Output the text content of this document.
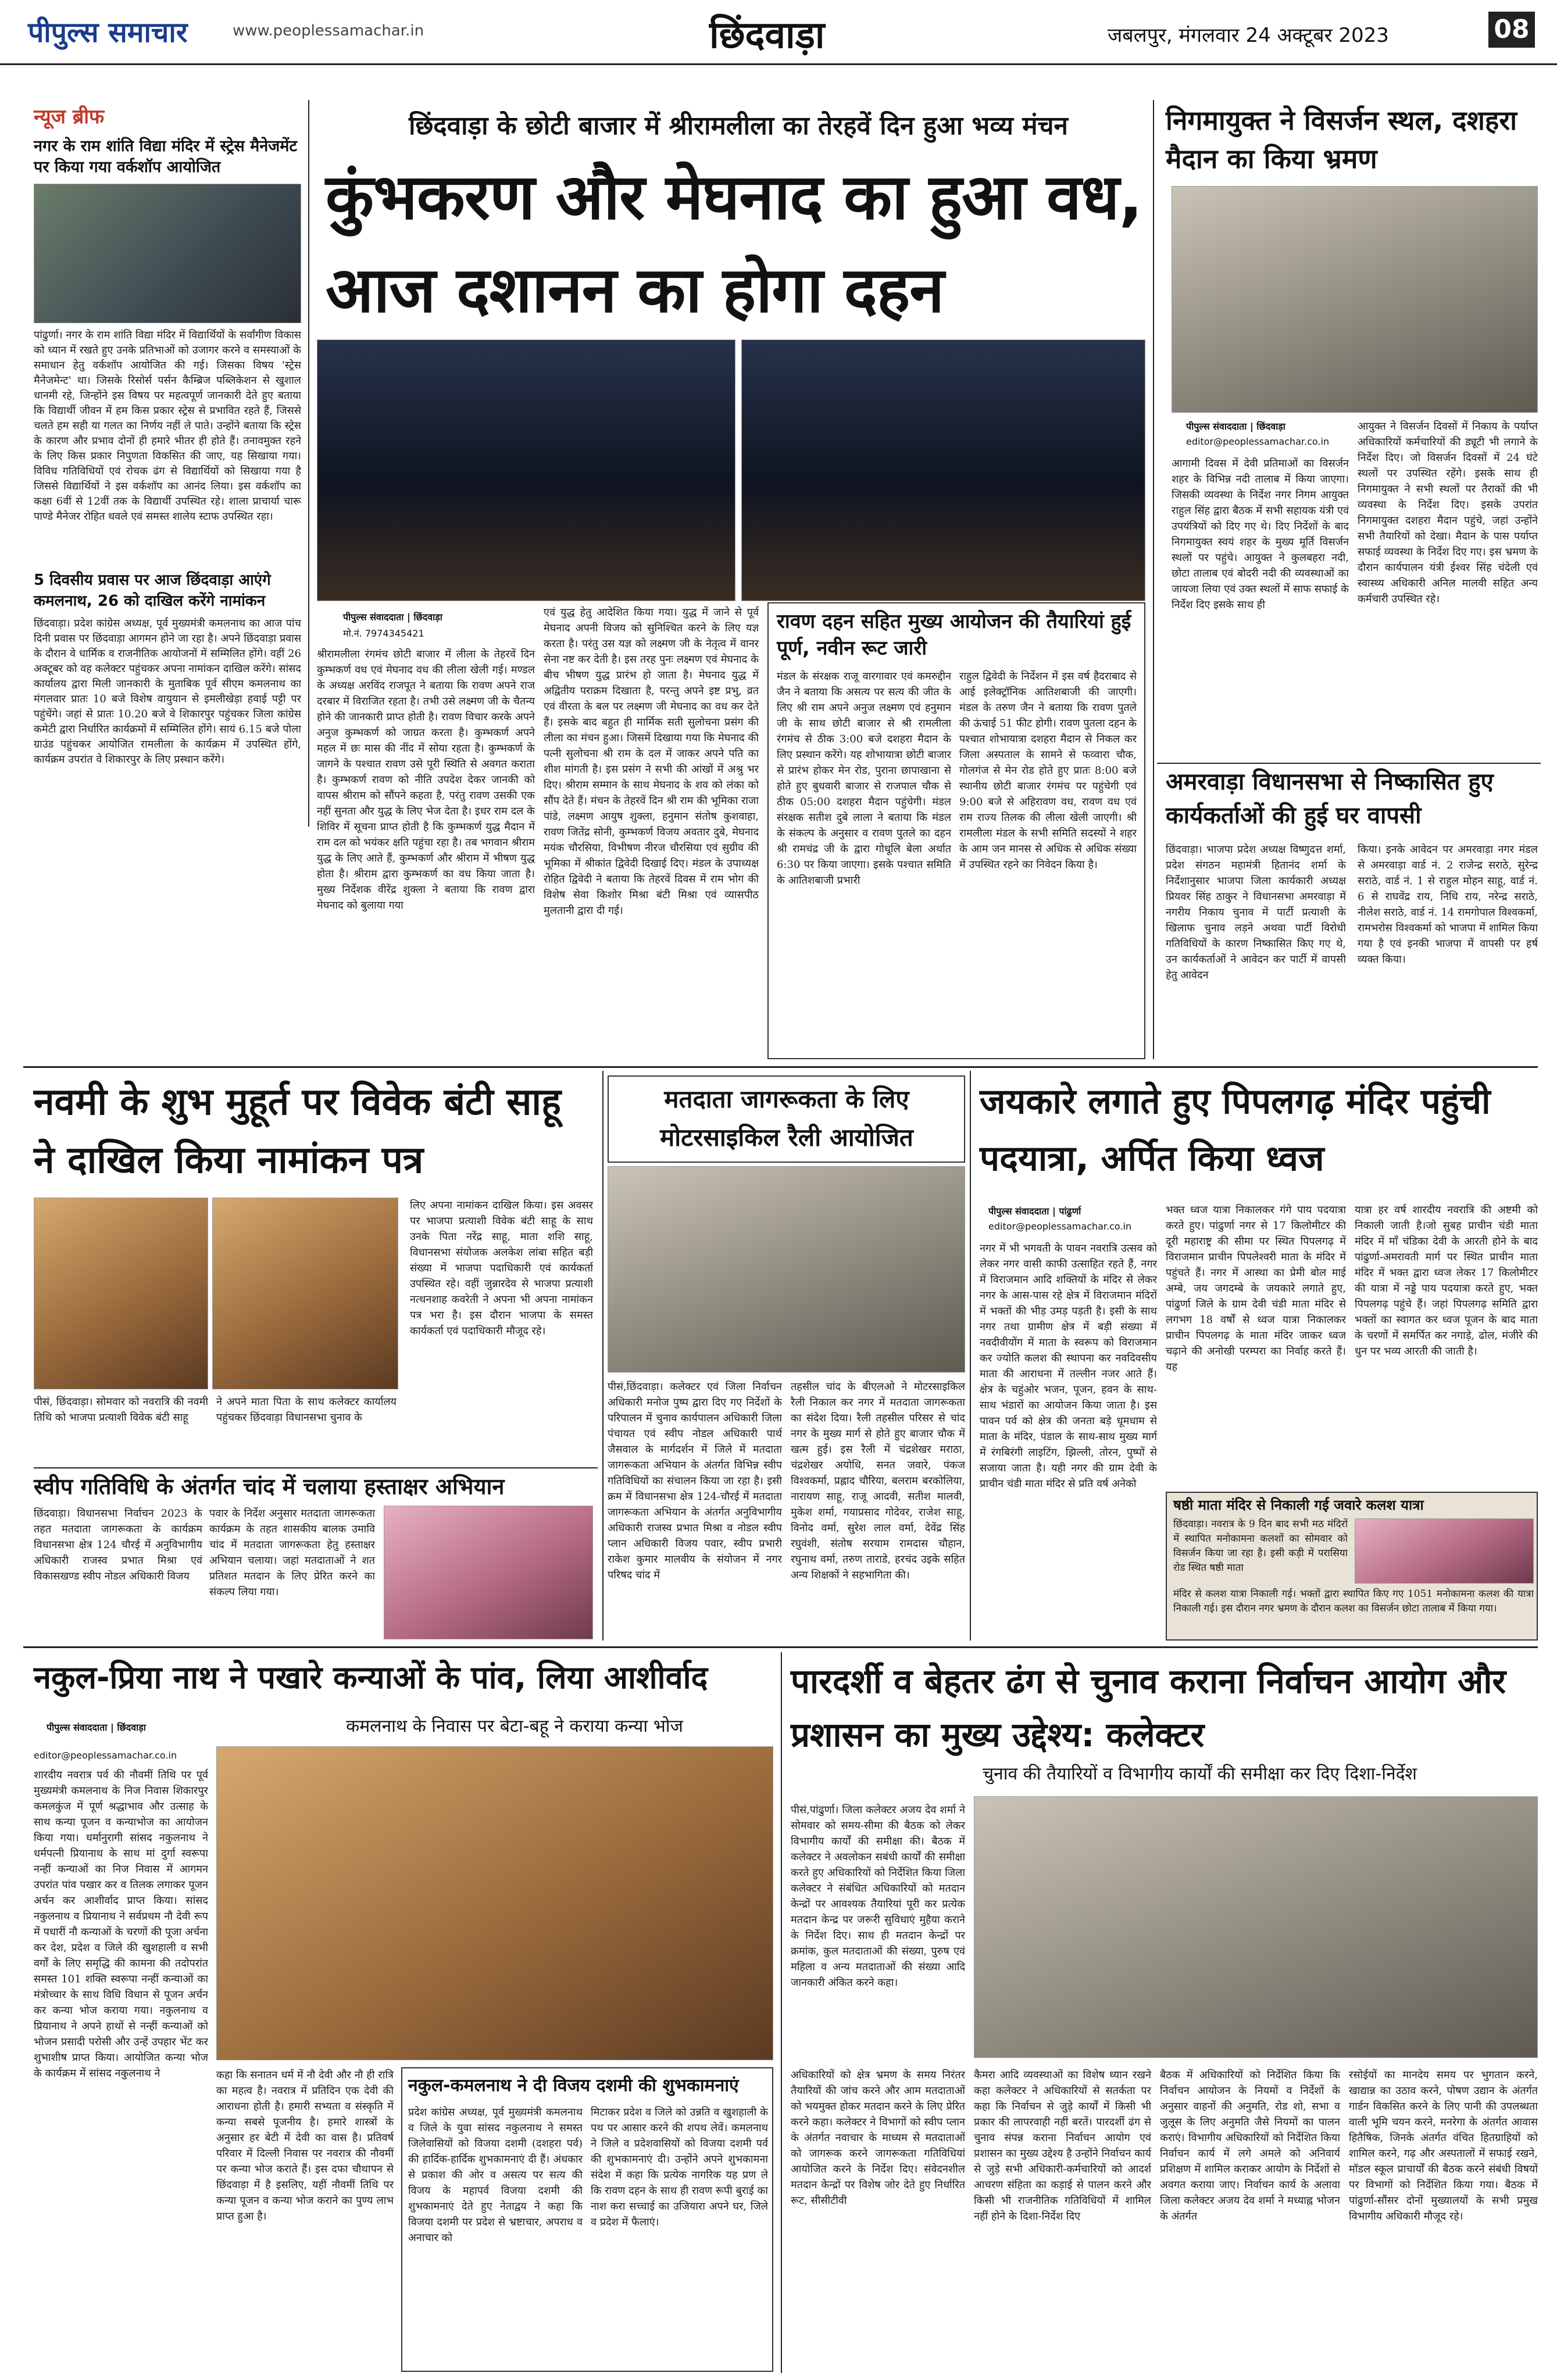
पीपुल्स समाचार	www.peoplessamachar.in	छिंदवाड़ा	जबलपुर, मंगलवार 24 अक्टूबर 2023	08
न्यूज ब्रीफ
नगर के राम शांति विद्या मंदिर में स्ट्रेस मैनेजमेंट पर किया गया वर्कशॉप आयोजित
पांढुर्णा। नगर के राम शांति विद्या मंदिर में विद्यार्थियों के सर्वांगीण विकास को ध्यान में रखते हुए उनके प्रतिभाओं को उजागर करने व समस्याओं के समाधान हेतु वर्कशॉप आयोजित की गई। जिसका विषय 'स्ट्रेस मैनेजमेन्ट' था। जिसके रिसोर्स पर्सन कैम्ब्रिज पब्लिकेशन से खुशाल धानमी रहे, जिन्होंने इस विषय पर महत्वपूर्ण जानकारी देते हुए बताया कि विद्यार्थी जीवन में हम किस प्रकार स्ट्रेस से प्रभावित रहते हैं, जिससे चलते हम सही या गलत का निर्णय नहीं ले पाते। उन्होंने बताया कि स्ट्रेस के कारण और प्रभाव दोनों ही हमारे भीतर ही होते हैं। तनावमुक्त रहने के लिए किस प्रकार निपुणता विकसित की जाए, यह सिखाया गया। विविध गतिविधियों एवं रोचक ढंग से विद्यार्थियों को सिखाया गया है जिससे विद्यार्थियों ने इस वर्कशॉप का आनंद लिया। इस वर्कशॉप का कक्षा 6वीं से 12वीं तक के विद्यार्थी उपस्थित रहे। शाला प्राचार्या चारू पाण्डे मैनेजर रोहित धवले एवं समस्त शालेय स्टाफ उपस्थित रहा।
5 दिवसीय प्रवास पर आज छिंदवाड़ा आएंगे कमलनाथ, 26 को दाखिल करेंगे नामांकन
छिंदवाड़ा। प्रदेश कांग्रेस अध्यक्ष, पूर्व मुख्यमंत्री कमलनाथ का आज पांच दिनी प्रवास पर छिंदवाड़ा आगमन होने जा रहा है। अपने छिंदवाड़ा प्रवास के दौरान वे धार्मिक व राजनीतिक आयोजनों में सम्मिलित होंगे। वहीं 26 अक्टूबर को वह कलेक्टर पहुंचकर अपना नामांकन दाखिल करेंगे। सांसद कार्यालय द्वारा मिली जानकारी के मुताबिक पूर्व सीएम कमलनाथ का मंगलवार प्रातः 10 बजे विशेष वायुयान से इमलीखेड़ा हवाई पट्टी पर पहुंचेंगे। जहां से प्रातः 10.20 बजे वे शिकारपुर पहुंचकर जिला कांग्रेस कमेटी द्वारा निर्धारित कार्यक्रमों में सम्मिलित होंगे। सायं 6.15 बजे पोला ग्राउंड पहुंचकर आयोजित रामलीला के कार्यक्रम में उपस्थित होंगे, कार्यक्रम उपरांत वे शिकारपुर के लिए प्रस्थान करेंगे।
छिंदवाड़ा के छोटी बाजार में श्रीरामलीला का तेरहवें दिन हुआ भव्य मंचन
कुंभकरण और मेघनाद का हुआ वध, आज दशानन का होगा दहन
पीपुल्स संवाददाता | छिंदवाड़ा
मो.नं. 7974345421
श्रीरामलीला रंगमंच छोटी बाजार में लीला के तेहरवें दिन कुम्भकर्ण वध एवं मेघनाद वध की लीला खेली गई। मण्डल के अध्यक्ष अरविंद राजपूत ने बताया कि रावण अपने राज दरबार में विराजित रहता है। तभी उसे लक्ष्मण जी के चैतन्य होने की जानकारी प्राप्त होती है। रावण विचार करके अपने अनुज कुम्भकर्ण को जाग्रत करता है। कुम्भकर्ण अपने महल में छः मास की नींद में सोया रहता है। कुम्भकर्ण के जागने के पश्चात रावण उसे पूरी स्थिति से अवगत कराता है। कुम्भकर्ण रावण को नीति उपदेश देकर जानकी को वापस श्रीराम को सौंपने कहता है, परंतु रावण उसकी एक नहीं सुनता और युद्ध के लिए भेज देता है। इधर राम दल के शिविर में सूचना प्राप्त होती है कि कुम्भकर्ण युद्ध मैदान में राम दल को भयंकर क्षति पहुंचा रहा है। तब भगवान श्रीराम युद्ध के लिए आते हैं, कुम्भकर्ण और श्रीराम में भीषण युद्ध होता है। श्रीराम द्वारा कुम्भकर्ण का वध किया जाता है। मुख्य निर्देशक वीरेंद्र शुक्ला ने बताया कि रावण द्वारा मेघनाद को बुलाया गया
एवं युद्ध हेतु आदेशित किया गया। युद्ध में जाने से पूर्व मेघनाद अपनी विजय को सुनिश्चित करने के लिए यज्ञ करता है। परंतु उस यज्ञ को लक्ष्मण जी के नेतृत्व में वानर सेना नष्ट कर देती है। इस तरह पुनः लक्ष्मण एवं मेघनाद के बीच भीषण युद्ध प्रारंभ हो जाता है। मेघनाद युद्ध में अद्वितीय पराक्रम दिखाता है, परन्तु अपने इष्ट प्रभु, व्रत एवं वीरता के बल पर लक्ष्मण जी मेघनाद का वध कर देते हैं। इसके बाद बहुत ही मार्मिक सती सुलोचना प्रसंग की लीला का मंचन हुआ। जिसमें दिखाया गया कि मेघनाद की पत्नी सुलोचना श्री राम के दल में जाकर अपने पति का शीश मांगती है। इस प्रसंग ने सभी की आंखों में अश्रु भर दिए। श्रीराम सम्मान के साथ मेघनाद के शव को लंका को सौंप देते हैं। मंचन के तेहरवें दिन श्री राम की भूमिका राजा पांडे, लक्ष्मण आयुष शुक्ला, हनुमान संतोष कुशवाहा, रावण जितेंद्र सोनी, कुम्भकर्ण विजय अवतार दुबे, मेघनाद मयंक चौरसिया, विभीषण नीरज चौरसिया एवं सुग्रीव की भूमिका में श्रीकांत द्विवेदी दिखाई दिए। मंडल के उपाध्यक्ष रोहित द्विवेदी ने बताया कि तेहरवें दिवस में राम भोग की विशेष सेवा किशोर मिश्रा बंटी मिश्रा एवं व्यासपीठ मुलतानी द्वारा दी गई।
रावण दहन सहित मुख्य आयोजन की तैयारियां हुई पूर्ण, नवीन रूट जारी
मंडल के संरक्षक राजू वारगावार एवं कमरुद्दीन जैन ने बताया कि असत्य पर सत्य की जीत के लिए श्री राम अपने अनुज लक्ष्मण एवं हनुमान जी के साथ छोटी बाजार से श्री रामलीला रंगमंच से ठीक 3:00 बजे दशहरा मैदान के लिए प्रस्थान करेंगे। यह शोभायात्रा छोटी बाजार से प्रारंभ होकर मेन रोड, पुराना छापाखाना से होते हुए बुधवारी बाजार से राजपाल चौक से ठीक 05:00 दशहरा मैदान पहुंचेगी। मंडल संरक्षक सतीश दुबे लाला ने बताया कि मंडल के संकल्प के अनुसार व रावण पुतले का दहन श्री रामचंद्र जी के द्वारा गोधूलि बेला अर्थात 6:30 पर किया जाएगा। इसके पश्चात समिति के आतिशबाजी प्रभारी
राहुल द्विवेदी के निर्देशन में इस वर्ष हैदराबाद से आई इलेक्ट्रॉनिक आतिशबाजी की जाएगी। मंडल के तरुण जैन ने बताया कि रावण पुतले की ऊंचाई 51 फीट होगी। रावण पुतला दहन के पश्चात शोभायात्रा दशहरा मैदान से निकल कर जिला अस्पताल के सामने से फव्वारा चौक, गोलगंज से मेन रोड होते हुए प्रातः 8:00 बजे स्थानीय छोटी बाजार रंगमंच पर पहुंचेगी एवं 9:00 बजे से अहिरावण वध, रावण वध एवं राम राज्य तिलक की लीला खेली जाएगी। श्री रामलीला मंडल के सभी समिति सदस्यों ने शहर के आम जन मानस से अधिक से अधिक संख्या में उपस्थित रहने का निवेदन किया है।
निगमायुक्त ने विसर्जन स्थल, दशहरा मैदान का किया भ्रमण
पीपुल्स संवाददाता | छिंदवाड़ा
editor@peoplessamachar.co.in
आगामी दिवस में देवी प्रतिमाओं का विसर्जन शहर के विभिन्न नदी तालाब में किया जाएगा। जिसकी व्यवस्था के निर्देश नगर निगम आयुक्त राहुल सिंह द्वारा बैठक में सभी सहायक यंत्री एवं उपयंत्रियों को दिए गए थे। दिए निर्देशों के बाद निगमायुक्त स्वयं शहर के मुख्य मूर्ति विसर्जन स्थलों पर पहुंचे। आयुक्त ने कुलबहरा नदी, छोटा तालाब एवं बोदरी नदी की व्यवस्थाओं का जायजा लिया एवं उक्त स्थलों में साफ सफाई के निर्देश दिए इसके साथ ही
आयुक्त ने विसर्जन दिवसों में निकाय के पर्याप्त अधिकारियों कर्मचारियों की ड्यूटी भी लगाने के निर्देश दिए। जो विसर्जन दिवसों में 24 घंटे स्थलों पर उपस्थित रहेंगे। इसके साथ ही निगमायुक्त ने सभी स्थलों पर तैराकों की भी व्यवस्था के निर्देश दिए। इसके उपरांत निगमायुक्त दशहरा मैदान पहुंचे, जहां उन्होंने सभी तैयारियों को देखा। मैदान के पास पर्याप्त सफाई व्यवस्था के निर्देश दिए गए। इस भ्रमण के दौरान कार्यपालन यंत्री ईश्वर सिंह चंदेली एवं स्वास्थ्य अधिकारी अनिल मालवी सहित अन्य कर्मचारी उपस्थित रहे।
अमरवाड़ा विधानसभा से निष्कासित हुए कार्यकर्ताओं की हुई घर वापसी
छिंदवाड़ा। भाजपा प्रदेश अध्यक्ष विष्णुदत्त शर्मा, प्रदेश संगठन महामंत्री हितानंद शर्मा के निर्देशानुसार भाजपा जिला कार्यकारी अध्यक्ष प्रियवर सिंह ठाकुर ने विधानसभा अमरवाड़ा में नगरीय निकाय चुनाव में पार्टी प्रत्याशी के खिलाफ चुनाव लड़ने अथवा पार्टी विरोधी गतिविधियों के कारण निष्कासित किए गए थे, उन कार्यकर्ताओं ने आवेदन कर पार्टी में वापसी हेतु आवेदन
किया। इनके आवेदन पर अमरवाड़ा नगर मंडल से अमरवाड़ा वार्ड नं. 2 राजेन्द्र सराठे, सुरेन्द्र सराठे, वार्ड नं. 1 से राहुल मोहन साहू, वार्ड नं. 6 से राघवेंद्र राय, निधि राय, नरेन्द्र सराठे, नीलेश सराठे, वार्ड नं. 14 रामगोपाल विश्वकर्मा, रामभरोस विश्वकर्मा को भाजपा में शामिल किया गया है एवं इनकी भाजपा में वापसी पर हर्ष व्यक्त किया।
नवमी के शुभ मुहूर्त पर विवेक बंटी साहू ने दाखिल किया नामांकन पत्र
पीसं, छिंदवाड़ा। सोमवार को नवरात्रि की नवमी तिथि को भाजपा प्रत्याशी विवेक बंटी साहू
ने अपने माता पिता के साथ कलेक्टर कार्यालय पहुंचकर छिंदवाड़ा विधानसभा चुनाव के
लिए अपना नामांकन दाखिल किया। इस अवसर पर भाजपा प्रत्याशी विवेक बंटी साहू के साथ उनके पिता नरेंद्र साहू, माता शशि साहू, विधानसभा संयोजक अलकेश लांबा सहित बड़ी संख्या में भाजपा पदाधिकारी एवं कार्यकर्ता उपस्थित रहे। वहीं जुन्नारदेव से भाजपा प्रत्याशी नत्थनशाह कवरेती ने अपना भी अपना नामांकन पत्र भरा है। इस दौरान भाजपा के समस्त कार्यकर्ता एवं पदाधिकारी मौजूद रहे।
स्वीप गतिविधि के अंतर्गत चांद में चलाया हस्ताक्षर अभियान
छिंदवाड़ा। विधानसभा निर्वाचन 2023 के तहत मतदाता जागरूकता के कार्यक्रम विधानसभा क्षेत्र 124 चौरई में अनुविभागीय अधिकारी राजस्व प्रभात मिश्रा एवं विकासखण्ड स्वीप नोडल अधिकारी विजय
पवार के निर्देश अनुसार मतदाता जागरूकता कार्यक्रम के तहत शासकीय बालक उमावि चांद में मतदाता जागरूकता हेतु हस्ताक्षर अभियान चलाया। जहां मतदाताओं ने शत प्रतिशत मतदान के लिए प्रेरित करने का संकल्प लिया गया।
मतदाता जागरूकता के लिए मोटरसाइकिल रैली आयोजित
पीसं,छिंदवाड़ा। कलेक्टर एवं जिला निर्वाचन अधिकारी मनोज पुष्प द्वारा दिए गए निर्देशों के परिपालन में चुनाव कार्यपालन अधिकारी जिला पंचायत एवं स्वीप नोडल अधिकारी पार्थ जैसवाल के मार्गदर्शन में जिले में मतदाता जागरूकता अभियान के अंतर्गत विभिन्न स्वीप गतिविधियों का संचालन किया जा रहा है। इसी क्रम में विधानसभा क्षेत्र 124-चौरई में मतदाता जागरूकता अभियान के अंतर्गत अनुविभागीय अधिकारी राजस्व प्रभात मिश्रा व नोडल स्वीप प्लान अधिकारी विजय पवार, स्वीप प्रभारी राकेश कुमार मालवीय के संयोजन में नगर परिषद चांद में
तहसील चांद के बीएलओ ने मोटरसाइकिल रैली निकाल कर नगर में मतदाता जागरूकता का संदेश दिया। रैली तहसील परिसर से चांद नगर के मुख्य मार्ग से होते हुए बाजार चौक में खत्म हुई। इस रैली में चंद्रशेखर मराठा, चंद्रशेखर अयोधि, सनत जवारे, पंकज विश्वकर्मा, प्रह्लाद चौरिया, बलराम बरकोलिया, नारायण साहू, राजू आदवी, सतीश मालवी, मुकेश शर्मा, गयाप्रसाद गोदेवर, राजेश साहू, विनोद वर्मा, सुरेश लाल वर्मा, देवेंद्र सिंह रघुवंशी, संतोष सरयाम रामदास चौहान, रघुनाथ वर्मा, तरुण ताराडे, हरचंद उइके सहित अन्य शिक्षकों ने सहभागिता की।
जयकारे लगाते हुए पिपलगढ़ मंदिर पहुंची पदयात्रा, अर्पित किया ध्वज
पीपुल्स संवाददाता | पांढुर्णा
editor@peoplessamachar.co.in
नगर में भी भगवती के पावन नवरात्रि उत्सव को लेकर नगर वासी काफी उत्साहित रहते हैं, नगर में विराजमान आदि शक्तियों के मंदिर से लेकर नगर के आस-पास रहे क्षेत्र में विराजमान मंदिरों में भक्तों की भीड़ उमड़ पड़ती है। इसी के साथ नगर तथा ग्रामीण क्षेत्र में बड़ी संख्या में नवदीवीयोंग में माता के स्वरूप को विराजमान कर ज्योति कलश की स्थापना कर नवदिवसीय माता की आराधना में तल्लीन नजर आते हैं। क्षेत्र के चहुंओर भजन, पूजन, हवन के साथ-साथ भंडारों का आयोजन किया जाता है। इस पावन पर्व को क्षेत्र की जनता बड़े धूमधाम से माता के मंदिर, पंडाल के साथ-साथ मुख्य मार्ग में रंगबिरंगी लाइटिंग, झिल्ली, तोरन, पुष्पों से सजाया जाता है। यही नगर की ग्राम देवी के प्राचीन चंडी माता मंदिर से प्रति वर्ष अनेको
भक्त ध्वज यात्रा निकालकर गंगे पाय पदयात्रा करते हुए। पांढुर्णा नगर से 17 किलोमीटर की दूरी महाराष्ट्र की सीमा पर स्थित पिपलगढ़ में विराजमान प्राचीन पिपलेश्वरी माता के मंदिर में पहुंचते हैं। नगर में आस्था का प्रेमी बोल माई अम्बे, जय जगदम्बे के जयकारे लगाते हुए, पांढुर्णा जिले के ग्राम देवी चंडी माता मंदिर से लगभग 18 वर्षों से ध्वज यात्रा निकालकर प्राचीन पिपलगढ़ के माता मंदिर जाकर ध्वज चढ़ाने की अनोखी परम्परा का निर्वाह करते हैं। यह
यात्रा हर वर्ष शारदीय नवरात्रि की अष्टमी को निकाली जाती है।जो सुबह प्राचीन चंडी माता मंदिर में माँ चंडिका देवी के आरती होने के बाद पांढुर्णा-अमरावती मार्ग पर स्थित प्राचीन माता मंदिर में भक्त द्वारा ध्वज लेकर 17 किलोमीटर की यात्रा में नड्डे पाय पदयात्रा करते हुए, भक्त पिपलगढ़ पहुंचे हैं। जहां पिपलगढ़ समिति द्वारा भक्तों का स्वागत कर ध्वज पूजन के बाद माता के चरणों में समर्पित कर नगाड़े, ढोल, मंजीरे की धुन पर भव्य आरती की जाती है।
षष्ठी माता मंदिर से निकाली गई जवारे कलश यात्रा
छिंदवाड़ा। नवरात्र के 9 दिन बाद सभी मठ मंदिरों में स्थापित मनोकामना कलशों का सोमवार को विसर्जन किया जा रहा है। इसी कड़ी में परासिया रोड स्थित षष्ठी माता
मंदिर से कलश यात्रा निकाली गई। भक्तों द्वारा स्थापित किए गए 1051 मनोकामना कलश की यात्रा निकाली गई। इस दौरान नगर भ्रमण के दौरान कलश का विसर्जन छोटा तालाब में किया गया।
नकुल-प्रिया नाथ ने पखारे कन्याओं के पांव, लिया आशीर्वाद
पीपुल्स संवाददाता | छिंदवाड़ा	कमलनाथ के निवास पर बेटा-बहू ने कराया कन्या भोज
editor@peoplessamachar.co.in
शारदीय नवरात्र पर्व की नौवमीं तिथि पर पूर्व मुख्यमंत्री कमलनाथ के निज निवास शिकारपुर कमलकुंज में पूर्ण श्रद्धाभाव और उत्साह के साथ कन्या पूजन व कन्याभोज का आयोजन किया गया। धर्मानुरागी सांसद नकुलनाथ ने धर्मपत्नी प्रियानाथ के साथ मां दुर्गा स्वरूपा नन्हीं कन्याओं का निज निवास में आगमन उपरांत पांव पखार कर व तिलक लगाकर पूजन अर्चन कर आशीर्वाद प्राप्त किया। सांसद नकुलनाथ व प्रियानाथ ने सर्वप्रथम नौ देवी रूप में पधारीं नौ कन्याओं के चरणों की पूजा अर्चना कर देश, प्रदेश व जिले की खुशहाली व सभी वर्गों के लिए समृद्धि की कामना की तदोपरांत समस्त 101 शक्ति स्वरूपा नन्हीं कन्याओं का मंत्रोच्चार के साथ विधि विधान से पूजन अर्चन कर कन्या भोज कराया गया। नकुलनाथ व प्रियानाथ ने अपने हाथों से नन्हीं कन्याओं को भोजन प्रसादी परोसी और उन्हें उपहार भेंट कर शुभाशीष प्राप्त किया। आयोजित कन्या भोज के कार्यक्रम में सांसद नकुलनाथ ने	कहा कि सनातन धर्म में नौ देवी और नौ ही रात्रि का महत्व है। नवरात्र में प्रतिदिन एक देवी की आराधना होती है। हमारी सभ्यता व संस्कृति में कन्या सबसे पूजनीय है। हमारे शास्त्रों के अनुसार हर बेटी में देवी का वास है। प्रतिवर्ष परिवार में दिल्ली निवास पर नवरात्र की नौवमीं पर कन्या भोज कराते हैं। इस दफा चौथापन से छिंदवाड़ा में है इसलिए, यहीं नौवमीं तिथि पर कन्या पूजन व कन्या भोज कराने का पुण्य लाभ प्राप्त हुआ है।
नकुल-कमलनाथ ने दी विजय दशमी की शुभकामनाएं
प्रदेश कांग्रेस अध्यक्ष, पूर्व मुख्यमंत्री कमलनाथ व जिले के युवा सांसद नकुलनाथ ने समस्त जिलेवासियों को विजया दशमी (दशहरा पर्व) की हार्दिक-हार्दिक शुभकामनाएं दी हैं। अंधकार से प्रकाश की ओर व असत्य पर सत्य की विजय के महापर्व विजया दशमी की शुभकामनाएं देते हुए नेताद्वय ने कहा कि विजया दशमी पर प्रदेश से भ्रष्टाचार, अपराध व अनाचार को
मिटाकर प्रदेश व जिले को उन्नति व खुशहाली के पथ पर आसार करने की शपथ लेवें। कमलनाथ ने जिले व प्रदेशवासियों को विजया दशमी पर्व की शुभकामनाएं दी। उन्होंने अपने शुभकामना संदेश में कहा कि प्रत्येक नागरिक यह प्रण ले कि रावण दहन के साथ ही रावण रूपी बुराई का नाश करा सच्चाई का उजियारा अपने घर, जिले व प्रदेश में फैलाएं।
पारदर्शी व बेहतर ढंग से चुनाव कराना निर्वाचन आयोग और प्रशासन का मुख्य उद्देश्य: कलेक्टर
चुनाव की तैयारियों व विभागीय कार्यों की समीक्षा कर दिए दिशा-निर्देश
पीसं,पांढुर्णा। जिला कलेक्टर अजय देव शर्मा ने सोमवार को समय-सीमा की बैठक को लेकर विभागीय कार्यों की समीक्षा की। बैठक में कलेक्टर ने अवलोकन सबंधी कार्यों की समीक्षा करते हुए अधिकारियों को निर्देशित किया जिला कलेक्टर ने संबंधित अधिकारियों को मतदान केन्द्रों पर आवश्यक तैयारियां पूरी कर प्रत्येक मतदान केन्द्र पर जरूरी सुविधाएं मुहैया कराने के निर्देश दिए। साथ ही मतदान केन्द्रों पर क्रमांक, कुल मतदाताओं की संख्या, पुरुष एवं महिला व अन्य मतदाताओं की संख्या आदि जानकारी अंकित करने कहा।
अधिकारियों को क्षेत्र भ्रमण के समय निरंतर तैयारियों की जांच करने और आम मतदाताओं को भयमुक्त होकर मतदान करने के लिए प्रेरित करने कहा। कलेक्टर ने विभागों को स्वीप प्लान के अंतर्गत नवाचार के माध्यम से मतदाताओं को जागरूक करने जागरूकता गतिविधियां आयोजित करने के निर्देश दिए। संवेदनशील मतदान केन्द्रों पर विशेष जोर देते हुए निर्धारित रूट, सीसीटीवी
कैमरा आदि व्यवस्थाओं का विशेष ध्यान रखने कहा कलेक्टर ने अधिकारियों से सतर्कता पर कहा कि निर्वाचन से जुड़े कार्यों में किसी भी प्रकार की लापरवाही नहीं बरतें। पारदर्शी ढंग से चुनाव संपन्न कराना निर्वाचन आयोग एवं प्रशासन का मुख्य उद्देश्य है उन्होंने निर्वाचन कार्य से जुड़े सभी अधिकारी-कर्मचारियों को आदर्श आचरण संहिता का कड़ाई से पालन करने और किसी भी राजनीतिक गतिविधियों में शामिल नहीं होने के दिशा-निर्देश दिए
बैठक में अधिकारियों को निर्देशित किया कि निर्वाचन आयोजन के नियमों व निर्देशों के अनुसार वाहनों की अनुमति, रोड शो, सभा व जुलूस के लिए अनुमति जैसे नियमों का पालन कराएं। विभागीय अधिकारियों को निर्देशित किया निर्वाचन कार्य में लगे अमले को अनिवार्य प्रशिक्षण में शामिल कराकर आयोग के निर्देशों से अवगत कराया जाए। निर्वाचन कार्य के अलावा जिला कलेक्टर अजय देव शर्मा ने मध्याह्न भोजन के अंतर्गत
रसोईयों का मानदेय समय पर भुगतान करने, खाद्यान्न का उठाव करने, पोषण उद्यान के अंतर्गत गार्डन विकसित करने के लिए पानी की उपलब्धता वाली भूमि चयन करने, मनरेगा के अंतर्गत आवास हितैषिक, जिनके अंतर्गत वंचित हितग्राहियों को शामिल करने, गढ़ और अस्पतालों में सफाई रखने, मॉडल स्कूल प्राचार्यों की बैठक करने संबंधी विषयों पर विभागों को निर्देशित किया गया। बैठक में पांढुर्णा-सौंसर दोनों मुख्यालयों के सभी प्रमुख विभागीय अधिकारी मौजूद रहे।
